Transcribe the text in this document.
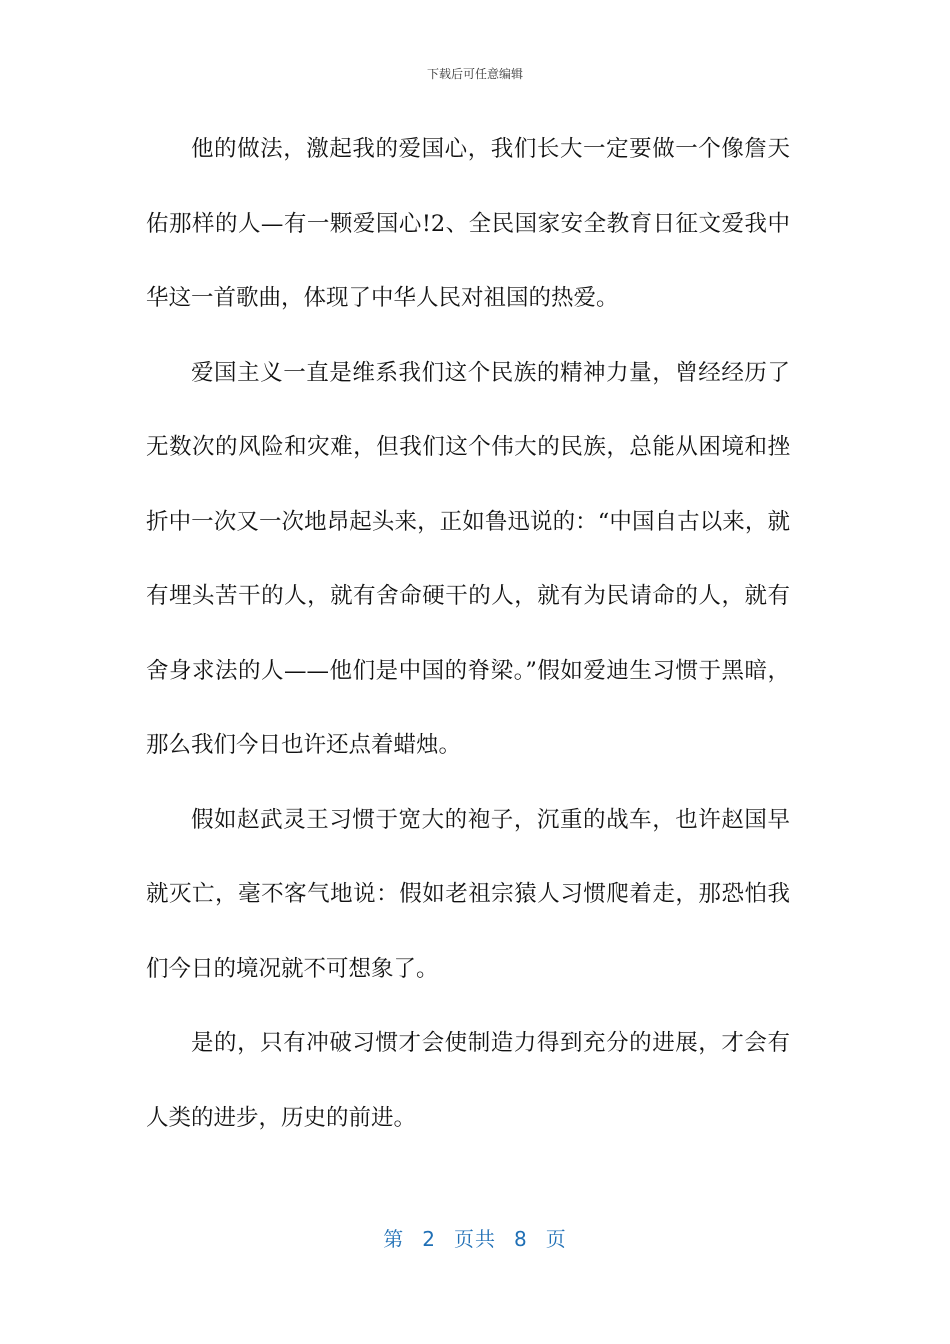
下载后可任意编辑

他的做法，激起我的爱国心，我们长大一定要做一个像詹天佑那样的人—有一颗爱国心!2、全民国家安全教育日征文爱我中华这一首歌曲，体现了中华人民对祖国的热爱。

爱国主义一直是维系我们这个民族的精神力量，曾经经历了无数次的风险和灾难，但我们这个伟大的民族，总能从困境和挫折中一次又一次地昂起头来，正如鲁迅说的：“中国自古以来，就有埋头苦干的人，就有舍命硬干的人，就有为民请命的人，就有舍身求法的人——他们是中国的脊梁。”假如爱迪生习惯于黑暗，那么我们今日也许还点着蜡烛。

假如赵武灵王习惯于宽大的袍子，沉重的战车，也许赵国早就灭亡，毫不客气地说：假如老祖宗猿人习惯爬着走，那恐怕我们今日的境况就不可想象了。

是的，只有冲破习惯才会使制造力得到充分的进展，才会有人类的进步，历史的前进。

第 2 页共 8 页
